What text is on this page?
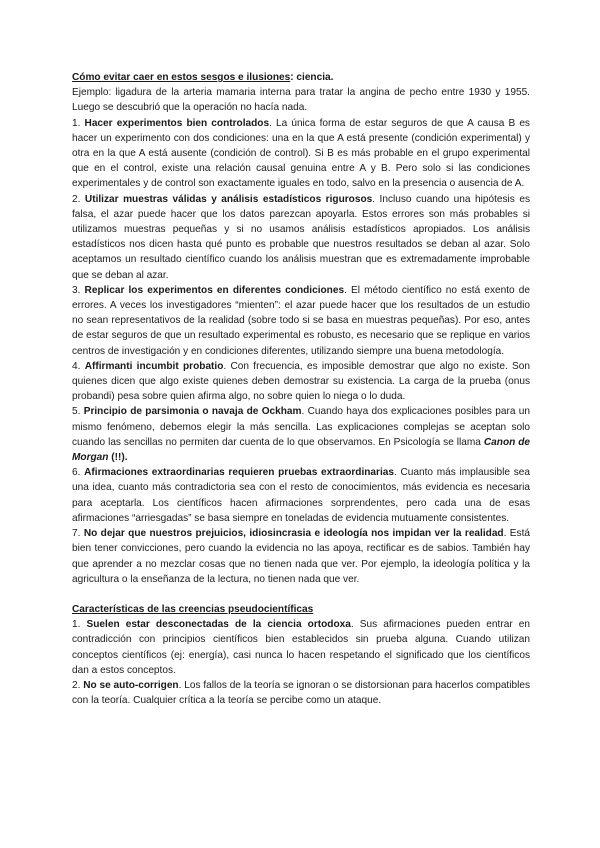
Cómo evitar caer en estos sesgos e ilusiones: ciencia.

Ejemplo: ligadura de la arteria mamaria interna para tratar la angina de pecho entre 1930 y 1955. Luego se descubrió que la operación no hacía nada.

1. Hacer experimentos bien controlados. La única forma de estar seguros de que A causa B es hacer un experimento con dos condiciones: una en la que A está presente (condición experimental) y otra en la que A está ausente (condición de control). Si B es más probable en el grupo experimental que en el control, existe una relación causal genuina entre A y B. Pero solo si las condiciones experimentales y de control son exactamente iguales en todo, salvo en la presencia o ausencia de A.

2. Utilizar muestras válidas y análisis estadísticos rigurosos. Incluso cuando una hipótesis es falsa, el azar puede hacer que los datos parezcan apoyarla. Estos errores son más probables si utilizamos muestras pequeñas y si no usamos análisis estadísticos apropiados. Los análisis estadísticos nos dicen hasta qué punto es probable que nuestros resultados se deban al azar. Solo aceptamos un resultado científico cuando los análisis muestran que es extremadamente improbable que se deban al azar.

3. Replicar los experimentos en diferentes condiciones. El método científico no está exento de errores. A veces los investigadores “mienten”: el azar puede hacer que los resultados de un estudio no sean representativos de la realidad (sobre todo si se basa en muestras pequeñas). Por eso, antes de estar seguros de que un resultado experimental es robusto, es necesario que se replique en varios centros de investigación y en condiciones diferentes, utilizando siempre una buena metodología.

4. Affirmanti incumbit probatio. Con frecuencia, es imposible demostrar que algo no existe. Son quienes dicen que algo existe quienes deben demostrar su existencia. La carga de la prueba (onus probandi) pesa sobre quien afirma algo, no sobre quien lo niega o lo duda.

5. Principio de parsimonia o navaja de Ockham. Cuando haya dos explicaciones posibles para un mismo fenómeno, debemos elegir la más sencilla. Las explicaciones complejas se aceptan solo cuando las sencillas no permiten dar cuenta de lo que observamos. En Psicología se llama Canon de Morgan (!!).

6. Afirmaciones extraordinarias requieren pruebas extraordinarias. Cuanto más implausible sea una idea, cuanto más contradictoria sea con el resto de conocimientos, más evidencia es necesaria para aceptarla. Los científicos hacen afirmaciones sorprendentes, pero cada una de esas afirmaciones “arriesgadas” se basa siempre en toneladas de evidencia mutuamente consistentes.

7. No dejar que nuestros prejuicios, idiosincrasia e ideología nos impidan ver la realidad. Está bien tener convicciones, pero cuando la evidencia no las apoya, rectificar es de sabios. También hay que aprender a no mezclar cosas que no tienen nada que ver. Por ejemplo, la ideología política y la agricultura o la enseñanza de la lectura, no tienen nada que ver.

Características de las creencias pseudocientíficas

1. Suelen estar desconectadas de la ciencia ortodoxa. Sus afirmaciones pueden entrar en contradicción con principios científicos bien establecidos sin prueba alguna. Cuando utilizan conceptos científicos (ej: energía), casi nunca lo hacen respetando el significado que los científicos dan a estos conceptos.

2. No se auto-corrigen. Los fallos de la teoría se ignoran o se distorsionan para hacerlos compatibles con la teoría. Cualquier crítica a la teoría se percibe como un ataque.
